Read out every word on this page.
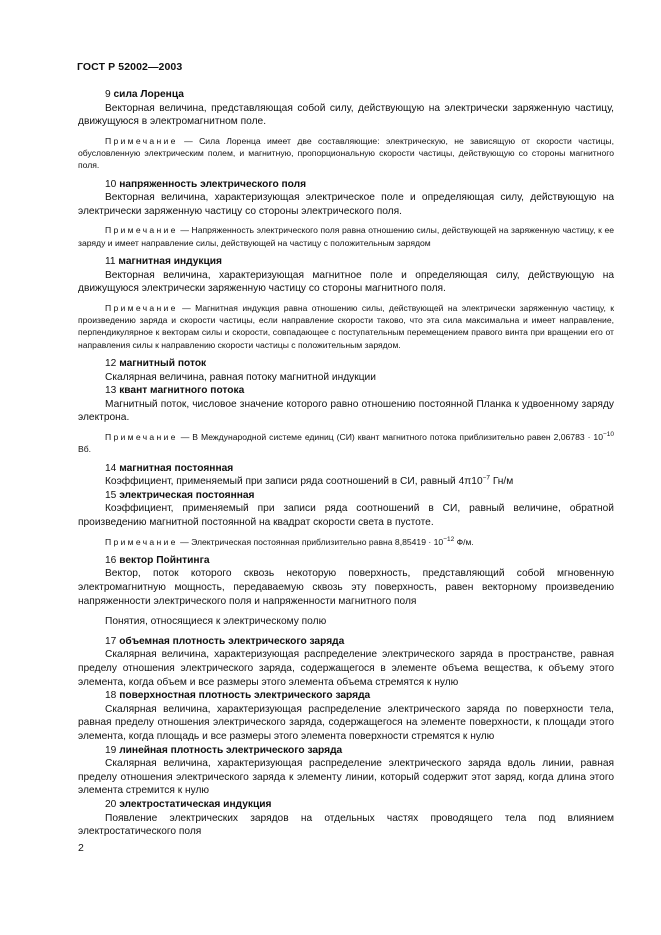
ГОСТ Р 52002—2003

9 сила Лоренца

Векторная величина, представляющая собой силу, действующую на электрически заряженную частицу, движущуюся в электромагнитном поле.

Примечание — Сила Лоренца имеет две составляющие: электрическую, не зависящую от скорости частицы, обусловленную электрическим полем, и магнитную, пропорциональную скорости частицы, действующую со стороны магнитного поля.

10 напряженность электрического поля

Векторная величина, характеризующая электрическое поле и определяющая силу, действующую на электрически заряженную частицу со стороны электрического поля.

Примечание — Напряженность электрического поля равна отношению силы, действующей на заряженную частицу, к ее заряду и имеет направление силы, действующей на частицу с положительным зарядом

11 магнитная индукция

Векторная величина, характеризующая магнитное поле и определяющая силу, действующую на движущуюся электрически заряженную частицу со стороны магнитного поля.

Примечание — Магнитная индукция равна отношению силы, действующей на электрически заряженную частицу, к произведению заряда и скорости частицы, если направление скорости таково, что эта сила максимальна и имеет направление, перпендикулярное к векторам силы и скорости, совпадающее с поступательным перемещением правого винта при вращении его от направления силы к направлению скорости частицы с положительным зарядом.

12 магнитный поток

Скалярная величина, равная потоку магнитной индукции

13 квант магнитного потока

Магнитный поток, числовое значение которого равно отношению постоянной Планка к удвоенному заряду электрона.

Примечание — В Международной системе единиц (СИ) квант магнитного потока приблизительно равен $2,06783 \cdot 10^{-10}$ Вб.

14 магнитная постоянная

Коэффициент, применяемый при записи ряда соотношений в СИ, равный $4\pi 10^{-7}$ Гн/м

15 электрическая постоянная

Коэффициент, применяемый при записи ряда соотношений в СИ, равный величине, обратной произведению магнитной постоянной на квадрат скорости света в пустоте.

Примечание — Электрическая постоянная приблизительно равна $8,85419 \cdot 10^{-12}$ Ф/м.

16 вектор Пойнтинга

Вектор, поток которого сквозь некоторую поверхность, представляющий собой мгновенную электромагнитную мощность, передаваемую сквозь эту поверхность, равен векторному произведению напряженности электрического поля и напряженности магнитного поля

Понятия, относящиеся к электрическому полю

17 объемная плотность электрического заряда

Скалярная величина, характеризующая распределение электрического заряда в пространстве, равная пределу отношения электрического заряда, содержащегося в элементе объема вещества, к объему этого элемента, когда объем и все размеры этого элемента объема стремятся к нулю

18 поверхностная плотность электрического заряда

Скалярная величина, характеризующая распределение электрического заряда по поверхности тела, равная пределу отношения электрического заряда, содержащегося на элементе поверхности, к площади этого элемента, когда площадь и все размеры этого элемента поверхности стремятся к нулю

19 линейная плотность электрического заряда

Скалярная величина, характеризующая распределение электрического заряда вдоль линии, равная пределу отношения электрического заряда к элементу линии, который содержит этот заряд, когда длина этого элемента стремится к нулю

20 электростатическая индукция

Появление электрических зарядов на отдельных частях проводящего тела под влиянием электростатического поля

2
